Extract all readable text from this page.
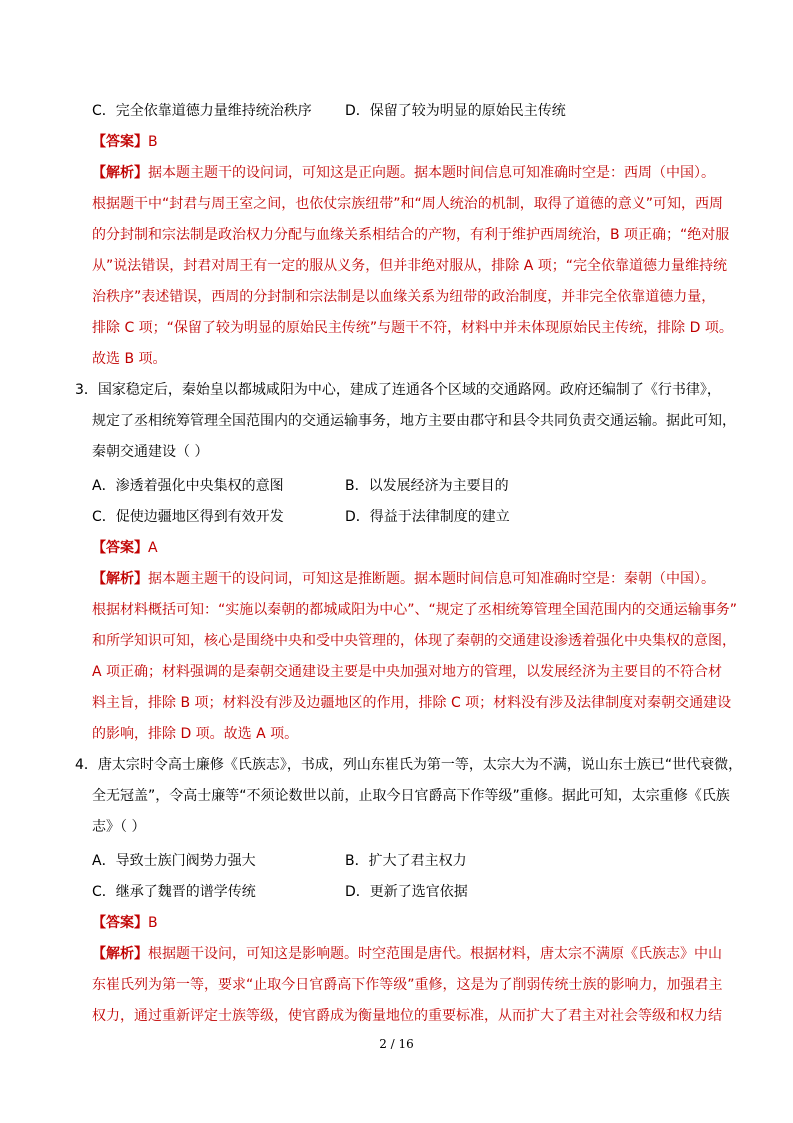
C．完全依靠道德力量维持统治秩序 D．保留了较为明显的原始民主传统
【答案】B
【解析】据本题主题干的设问词，可知这是正向题。据本题时间信息可知准确时空是：西周（中国）。
根据题干中“封君与周王室之间，也依仗宗族纽带”和“周人统治的机制，取得了道德的意义”可知，西周
的分封制和宗法制是政治权力分配与血缘关系相结合的产物，有利于维护西周统治，B 项正确；“绝对服
从”说法错误，封君对周王有一定的服从义务，但并非绝对服从，排除 A 项；“完全依靠道德力量维持统
治秩序”表述错误，西周的分封制和宗法制是以血缘关系为纽带的政治制度，并非完全依靠道德力量，
排除 C 项；“保留了较为明显的原始民主传统”与题干不符，材料中并未体现原始民主传统，排除 D 项。
故选 B 项。
3．国家稳定后，秦始皇以都城咸阳为中心，建成了连通各个区域的交通路网。政府还编制了《行书律》，
规定了丞相统筹管理全国范围内的交通运输事务，地方主要由郡守和县令共同负责交通运输。据此可知，
秦朝交通建设（ ）
A．渗透着强化中央集权的意图	B．以发展经济为主要目的
C．促使边疆地区得到有效开发	D．得益于法律制度的建立
【答案】A
【解析】据本题主题干的设问词，可知这是推断题。据本题时间信息可知准确时空是：秦朝（中国）。
根据材料概括可知：“实施以秦朝的都城咸阳为中心”、“规定了丞相统筹管理全国范围内的交通运输事务”
和所学知识可知，核心是围绕中央和受中央管理的，体现了秦朝的交通建设渗透着强化中央集权的意图，
A 项正确；材料强调的是秦朝交通建设主要是中央加强对地方的管理，以发展经济为主要目的不符合材
料主旨，排除 B 项；材料没有涉及边疆地区的作用，排除 C 项；材料没有涉及法律制度对秦朝交通建设
的影响，排除 D 项。故选 A 项。
4．唐太宗时令高士廉修《氏族志》，书成，列山东崔氏为第一等，太宗大为不满，说山东士族已“世代衰微，
全无冠盖”，令高士廉等“不须论数世以前，止取今日官爵高下作等级”重修。据此可知，太宗重修《氏族
志》（ ）
A．导致士族门阀势力强大	B．扩大了君主权力
C．继承了魏晋的谱学传统	D．更新了选官依据
【答案】B
【解析】根据题干设问，可知这是影响题。时空范围是唐代。根据材料，唐太宗不满原《氏族志》中山
东崔氏列为第一等，要求“止取今日官爵高下作等级”重修，这是为了削弱传统士族的影响力，加强君主
权力，通过重新评定士族等级，使官爵成为衡量地位的重要标准，从而扩大了君主对社会等级和权力结
2 / 16
